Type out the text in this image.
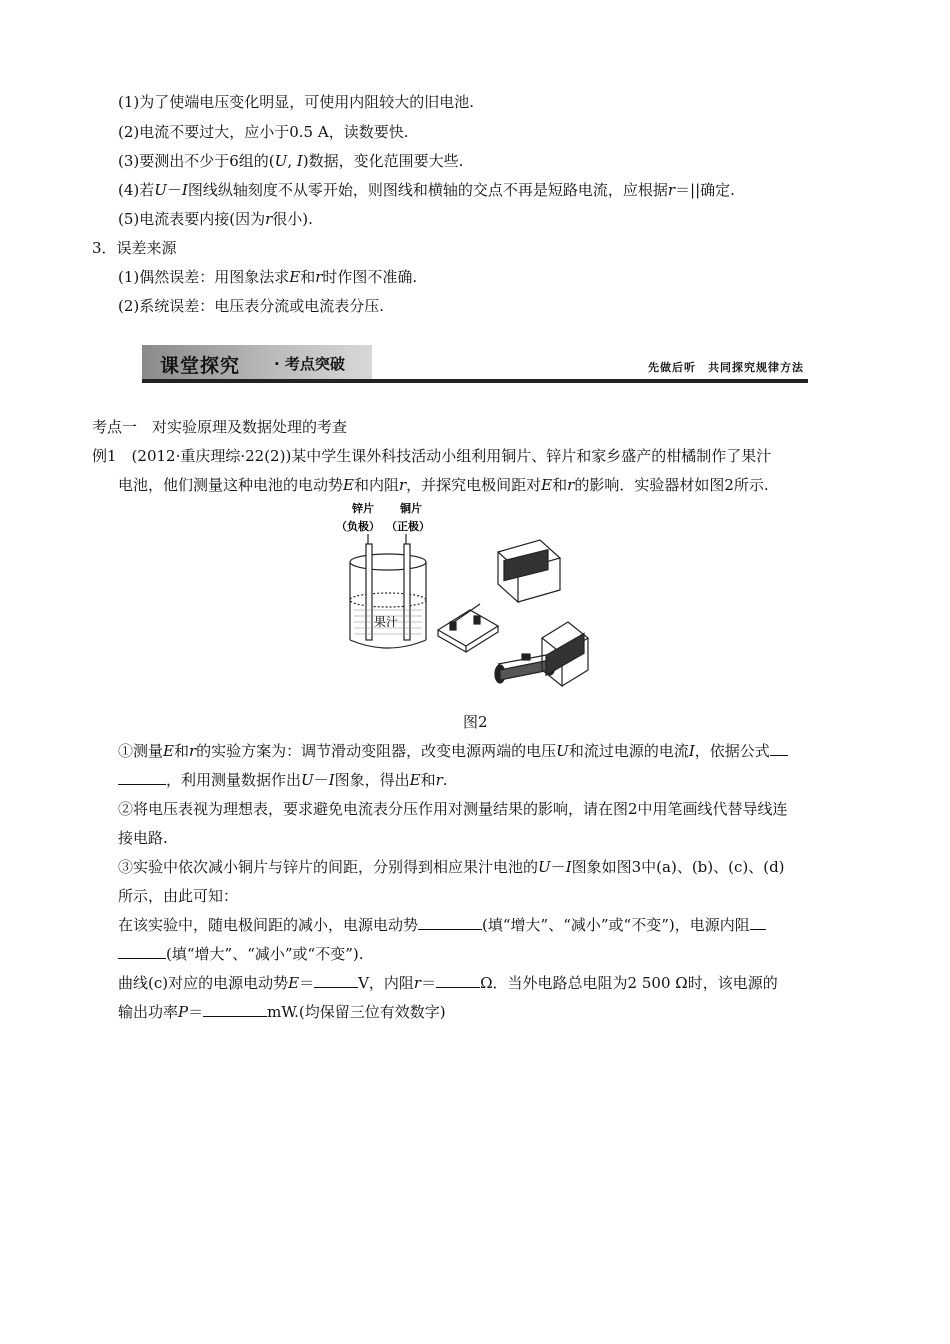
(1)为了使端电压变化明显，可使用内阻较大的旧电池.
(2)电流不要过大，应小于0.5 A，读数要快.
(3)要测出不少于6组的(U, I)数据，变化范围要大些.
(4)若U－I图线纵轴刻度不从零开始，则图线和横轴的交点不再是短路电流，应根据r＝||确定.
(5)电流表要内接(因为r很小).
3．误差来源
(1)偶然误差：用图象法求E和r时作图不准确.
(2)系统误差：电压表分流或电流表分压.
课堂探究 · 考点突破	先做后听　共同探究规律方法
考点一　对实验原理及数据处理的考查
例1　(2012·重庆理综·22(2))某中学生课外科技活动小组利用铜片、锌片和家乡盛产的柑橘制作了果汁
电池，他们测量这种电池的电动势E和内阻r，并探究电极间距对E和r的影响．实验器材如图2所示.
锌片
（负极）
铜片
（正极）
果汁
图2
①测量E和r的实验方案为：调节滑动变阻器，改变电源两端的电压U和流过电源的电流I，依据公式
，利用测量数据作出U－I图象，得出E和r.
②将电压表视为理想表，要求避免电流表分压作用对测量结果的影响，请在图2中用笔画线代替导线连
接电路.
③实验中依次减小铜片与锌片的间距，分别得到相应果汁电池的U－I图象如图3中(a)、(b)、(c)、(d)
所示，由此可知：
在该实验中，随电极间距的减小，电源电动势	(填“增大”、“减小”或“不变”)，电源内阻
(填“增大”、“减小”或“不变”).
曲线(c)对应的电源电动势E＝	V，内阻r＝	Ω．当外电路总电阻为2 500 Ω时，该电源的
输出功率P＝	mW.(均保留三位有效数字)
